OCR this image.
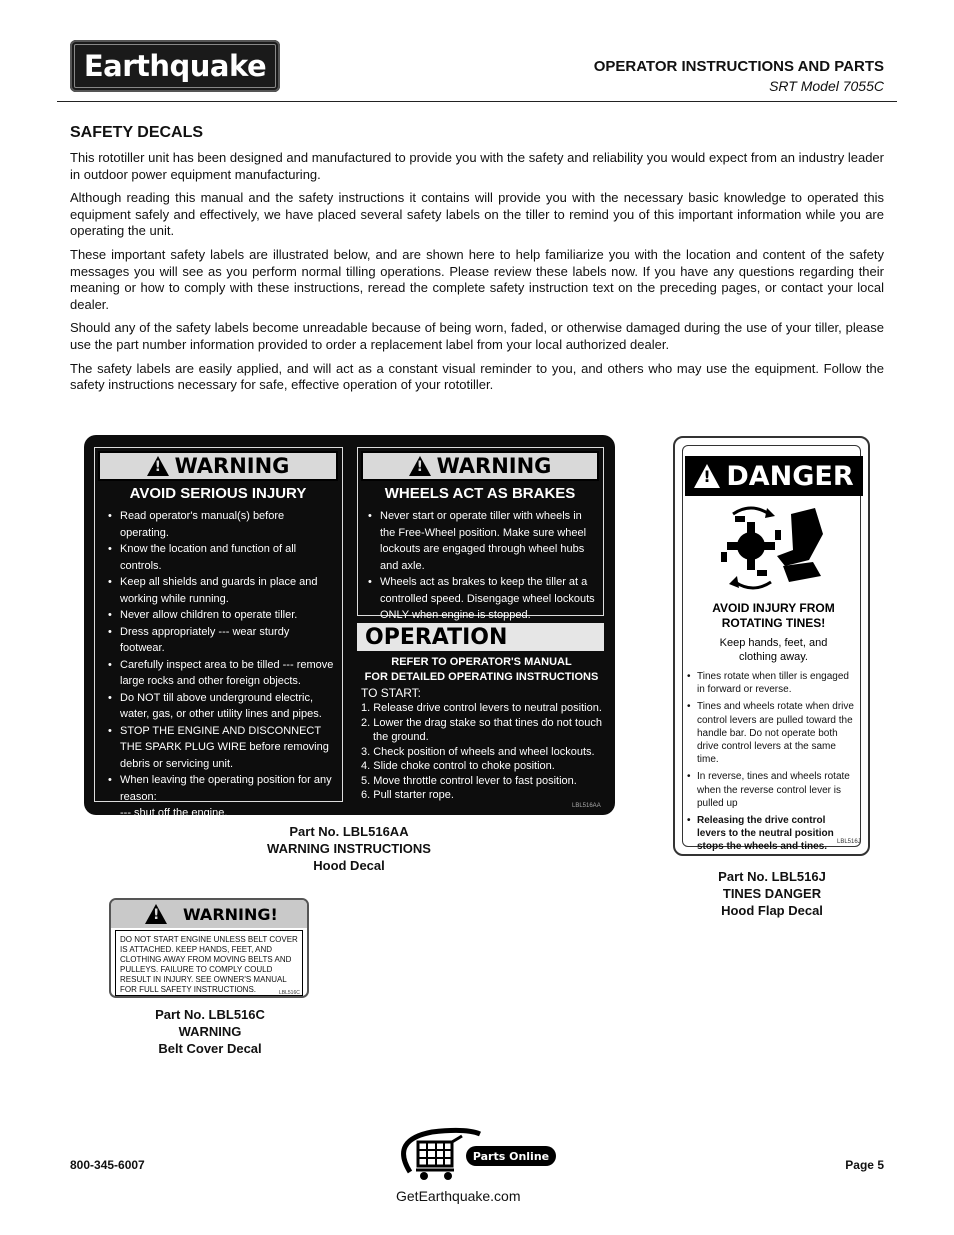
Earthquake	OPERATOR INSTRUCTIONS AND PARTS
SRT Model 7055C
SAFETY DECALS

This rototiller unit has been designed and manufactured to provide you with the safety and reliability you would expect from an industry leader in outdoor power equipment manufacturing.

Although reading this manual and the safety instructions it contains will provide you with the necessary basic knowledge to operated this equipment safely and effectively, we have placed several safety labels on the tiller to remind you of this important information while you are operating the unit.

These important safety labels are illustrated below, and are shown here to help familiarize you with the location and content of the safety messages you will see as you perform normal tilling operations. Please review these labels now. If you have any questions regarding their meaning or how to comply with these instructions, reread the complete safety instruction text on the preceding pages, or contact your local dealer.

Should any of the safety labels become unreadable because of being worn, faded, or otherwise damaged during the use of your tiller, please use the part number information provided to order a replacement label from your local authorized dealer.

The safety labels are easily applied, and will act as a constant visual reminder to you, and others who may use the equipment. Follow the safety instructions necessary for safe, effective operation of your rototiller.

!
WARNING
AVOID SERIOUS INJURY
• Read operator's manual(s) before operating.
• Know the location and function of all controls.
• Keep all shields and guards in place and working while running.
• Never allow children to operate tiller.
• Dress appropriately --- wear sturdy footwear.
• Carefully inspect area to be tilled --- remove large rocks and other foreign objects.
• Do NOT till above underground electric, water, gas, or other utility lines and pipes.
• STOP THE ENGINE AND DISCONNECT THE SPARK PLUG WIRE before removing debris or servicing unit.
• When leaving the operating position for any reason:
--- shut off the engine.
--- wait for all moving parts to stop.
!
WARNING
WHEELS ACT AS BRAKES
• Never start or operate tiller with wheels in the Free-Wheel position. Make sure wheel lockouts are engaged through wheel hubs and axle.
• Wheels act as brakes to keep the tiller at a controlled speed. Disengage wheel lockouts ONLY when engine is stopped.
OPERATION
REFER TO OPERATOR'S MANUAL
FOR DETAILED OPERATING INSTRUCTIONS
TO START:
1. Release drive control levers to neutral position.
2. Lower the drag stake so that tines do not touch
the ground.
3. Check position of wheels and wheel lockouts.
4. Slide choke control to choke position.
5. Move throttle control lever to fast position.
6. Pull starter rope.
LBL516AA
Part No. LBL516AA
WARNING INSTRUCTIONS
Hood Decal
!
DANGER
AVOID INJURY FROM
ROTATING TINES!
Keep hands, feet, and
clothing away.
• Tines rotate when tiller is engaged in forward or reverse.
• Tines and wheels rotate when drive control levers are pulled toward the handle bar. Do not operate both drive control levers at the same time.
• In reverse, tines and wheels rotate when the reverse control lever is pulled up
• Releasing the drive control levers to the neutral position stops the wheels and tines.	LBL516J
Part No. LBL516J
TINES DANGER
Hood Flap Decal
!
WARNING!
DO NOT START ENGINE UNLESS BELT COVER IS ATTACHED. KEEP HANDS, FEET, AND CLOTHING AWAY FROM MOVING BELTS AND PULLEYS. FAILURE TO COMPLY COULD RESULT IN INJURY. SEE OWNER'S MANUAL FOR FULL SAFETY INSTRUCTIONS.	LBL516C
Part No. LBL516C
WARNING
Belt Cover Decal
800-345-6007
Parts Online
GetEarthquake.com
Page 5
